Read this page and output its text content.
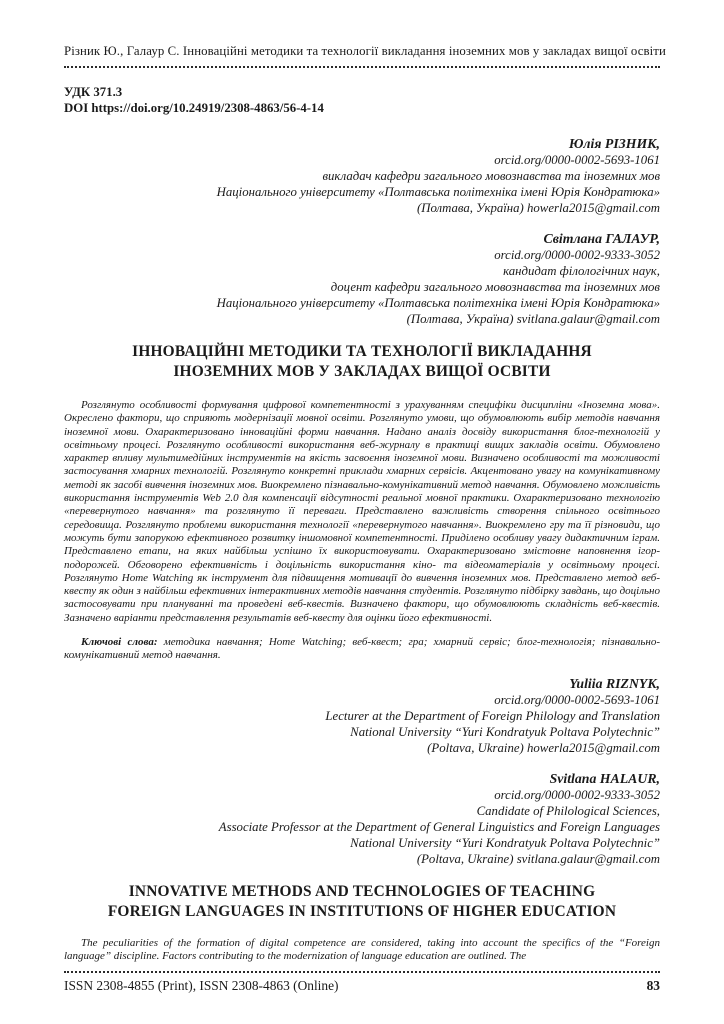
Різник Ю., Галаур С. Інноваційні методики та технології викладання іноземних мов у закладах вищої освіти
УДК 371.3
DOI https://doi.org/10.24919/2308-4863/56-4-14
Юлія РІЗНИК,
orcid.org/0000-0002-5693-1061
викладач кафедри загального мовознавства та іноземних мов
Національного університету «Полтавська політехніка імені Юрія Кондратюка»
(Полтава, Україна) howerla2015@gmail.com
Світлана ГАЛАУР,
orcid.org/0000-0002-9333-3052
кандидат філологічних наук,
доцент кафедри загального мовознавства та іноземних мов
Національного університету «Полтавська політехніка імені Юрія Кондратюка»
(Полтава, Україна) svitlana.galaur@gmail.com
ІННОВАЦІЙНІ МЕТОДИКИ ТА ТЕХНОЛОГІЇ ВИКЛАДАННЯ ІНОЗЕМНИХ МОВ У ЗАКЛАДАХ ВИЩОЇ ОСВІТИ

Розглянуто особливості формування цифрової компетентності з урахуванням специфіки дисципліни «Іноземна мова». Окреслено фактори, що сприяють модернізації мовної освіти. Розглянуто умови, що обумовлюють вибір методів навчання іноземної мови. Охарактеризовано інноваційні форми навчання. Надано аналіз досвіду використання блог-технологій у освітньому процесі. Розглянуто особливості використання веб-журналу в практиці вищих закладів освіти. Обумовлено характер впливу мультимедійних інструментів на якість засвоєння іноземної мови. Визначено особливості та можливості застосування хмарних технологій. Розглянуто конкретні приклади хмарних сервісів. Акцентовано увагу на комунікативному методі як засобі вивчення іноземних мов. Виокремлено пізнавально-комунікативний метод навчання. Обумовлено можливість використання інструментів Web 2.0 для компенсації відсутності реальної мовної практики. Охарактеризовано технологію «перевернутого навчання» та розглянуто її переваги. Представлено важливість створення спільного освітнього середовища. Розглянуто проблеми використання технології «перевернутого навчання». Виокремлено гру та її різновиди, що можуть бути запорукою ефективного розвитку іншомовної компетентності. Приділено особливу увагу дидактичним іграм. Представлено етапи, на яких найбільш успішно їх використовувати. Охарактеризовано змістовне наповнення ігор-подорожей. Обговорено ефективність і доцільність використання кіно- та відеоматеріалів у освітньому процесі. Розглянуто Home Watching як інструмент для підвищення мотивації до вивчення іноземних мов. Представлено метод веб-квесту як один з найбільш ефективних інтерактивних методів навчання студентів. Розглянуто підбірку завдань, що доцільно застосовувати при плануванні та проведені веб-квестів. Визначено фактори, що обумовлюють складність веб-квестів. Зазначено варіанти представлення результатів веб-квесту для оцінки його ефективності.

Ключові слова: методика навчання; Home Watching; веб-квест; гра; хмарний сервіс; блог-технологія; пізнавально-комунікативний метод навчання.

Yuliia RIZNYK,
orcid.org/0000-0002-5693-1061
Lecturer at the Department of Foreign Philology and Translation
National University “Yuri Kondratyuk Poltava Polytechnic”
(Poltava, Ukraine) howerla2015@gmail.com
Svitlana HALAUR,
orcid.org/0000-0002-9333-3052
Candidate of Philological Sciences,
Associate Professor at the Department of General Linguistics and Foreign Languages
National University “Yuri Kondratyuk Poltava Polytechnic”
(Poltava, Ukraine) svitlana.galaur@gmail.com
INNOVATIVE METHODS AND TECHNOLOGIES OF TEACHING FOREIGN LANGUAGES IN INSTITUTIONS OF HIGHER EDUCATION

The peculiarities of the formation of digital competence are considered, taking into account the specifics of the “Foreign language” discipline. Factors contributing to the modernization of language education are outlined. The

ISSN 2308-4855 (Print), ISSN 2308-4863 (Online)	83
